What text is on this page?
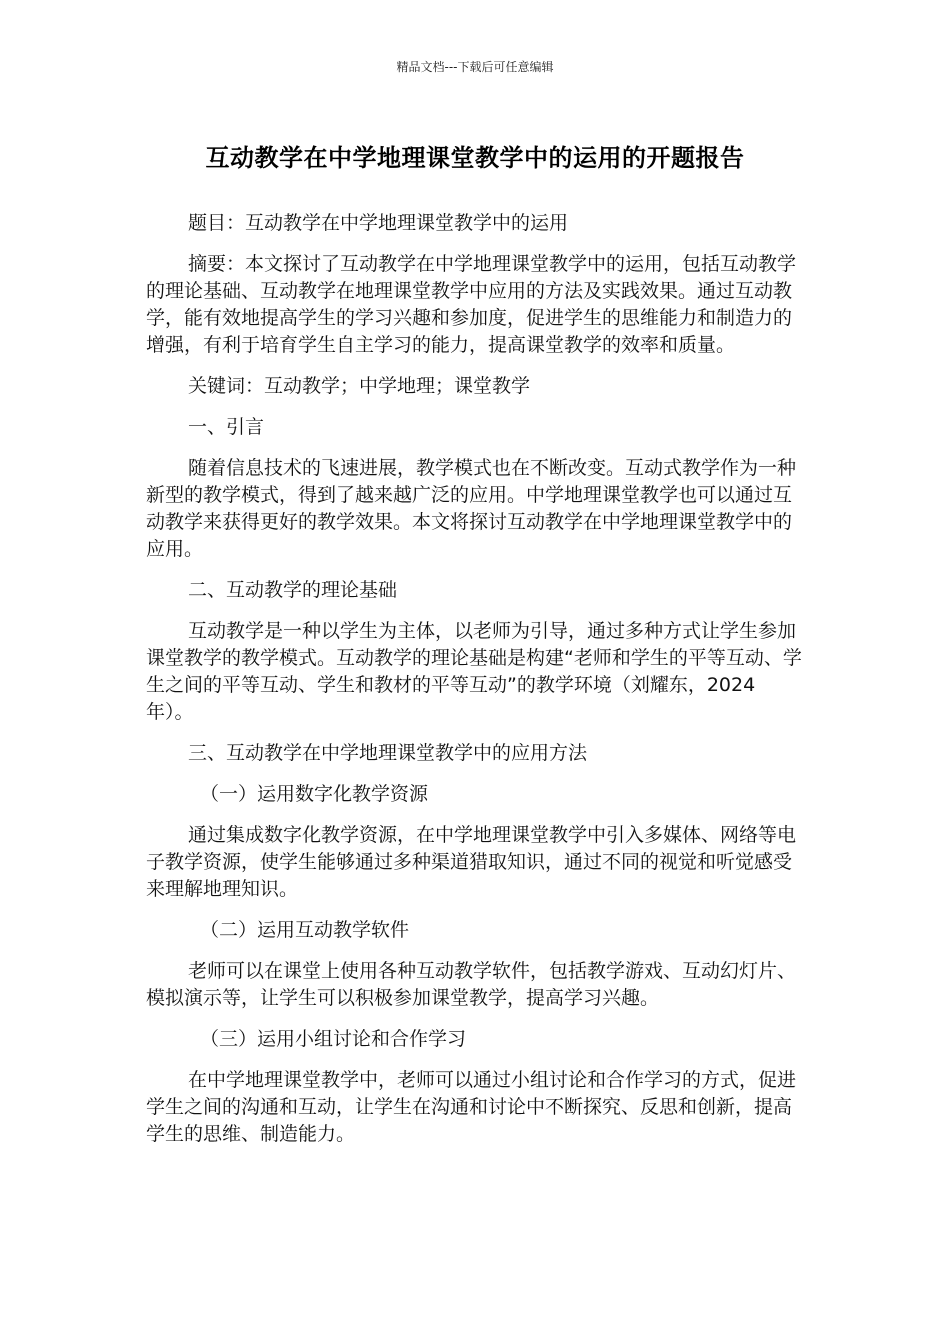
精品文档---下载后可任意编辑
互动教学在中学地理课堂教学中的运用的开题报告

题目：互动教学在中学地理课堂教学中的运用

摘要：本文探讨了互动教学在中学地理课堂教学中的运用，包括互动教学的理论基础、互动教学在地理课堂教学中应用的方法及实践效果。通过互动教学，能有效地提高学生的学习兴趣和参加度，促进学生的思维能力和制造力的增强，有利于培育学生自主学习的能力，提高课堂教学的效率和质量。

关键词：互动教学；中学地理；课堂教学

一、引言

随着信息技术的飞速进展，教学模式也在不断改变。互动式教学作为一种新型的教学模式，得到了越来越广泛的应用。中学地理课堂教学也可以通过互动教学来获得更好的教学效果。本文将探讨互动教学在中学地理课堂教学中的应用。

二、互动教学的理论基础

互动教学是一种以学生为主体，以老师为引导，通过多种方式让学生参加课堂教学的教学模式。互动教学的理论基础是构建“老师和学生的平等互动、学生之间的平等互动、学生和教材的平等互动”的教学环境（刘耀东，2024 年）。

三、互动教学在中学地理课堂教学中的应用方法

（一）运用数字化教学资源

通过集成数字化教学资源，在中学地理课堂教学中引入多媒体、网络等电子教学资源，使学生能够通过多种渠道猎取知识，通过不同的视觉和听觉感受来理解地理知识。

（二）运用互动教学软件

老师可以在课堂上使用各种互动教学软件，包括教学游戏、互动幻灯片、模拟演示等，让学生可以积极参加课堂教学，提高学习兴趣。

（三）运用小组讨论和合作学习

在中学地理课堂教学中，老师可以通过小组讨论和合作学习的方式，促进学生之间的沟通和互动，让学生在沟通和讨论中不断探究、反思和创新，提高学生的思维、制造能力。
